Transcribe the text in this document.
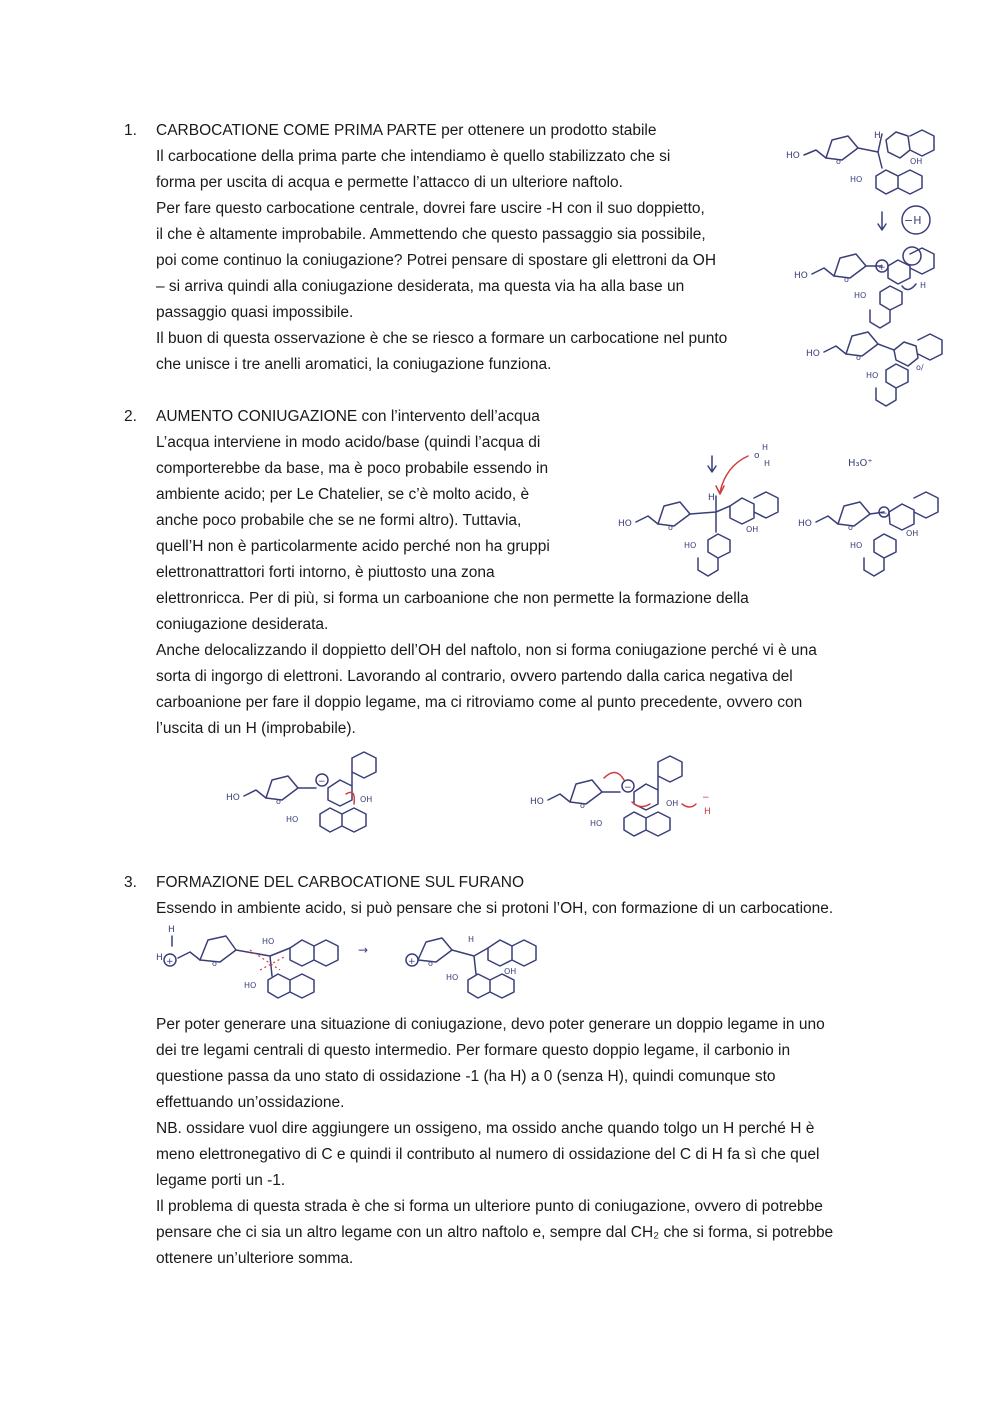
1. CARBOCATIONE COME PRIMA PARTE per ottenere un prodotto stabile
Il carbocatione della prima parte che intendiamo è quello stabilizzato che si
forma per uscita di acqua e permette l’attacco di un ulteriore naftolo.
Per fare questo carbocatione centrale, dovrei fare uscire -H con il suo doppietto,
il che è altamente improbabile. Ammettendo che questo passaggio sia possibile,
poi come continuo la coniugazione? Potrei pensare di spostare gli elettroni da OH
– si arriva quindi alla coniugazione desiderata, ma questa via ha alla base un
passaggio quasi impossibile.
Il buon di questa osservazione è che se riesco a formare un carbocatione nel punto
che unisce i tre anelli aromatici, la coniugazione funziona.
HO
o
H
OH
HO
−H
HO	o
+
H
HO
HO	o
o/
HO
2. AUMENTO CONIUGAZIONE con l’intervento dell’acqua
L’acqua interviene in modo acido/base (quindi l’acqua di
comporterebbe da base, ma è poco probabile essendo in
ambiente acido; per Le Chatelier, se c’è molto acido, è
anche poco probabile che se ne formi altro). Tuttavia,
quell’H non è particolarmente acido perché non ha gruppi
elettronattrattori forti intorno, è piuttosto una zona
elettronricca. Per di più, si forma un carboanione che non permette la formazione della
coniugazione desiderata.
Anche delocalizzando il doppietto dell’OH del naftolo, non si forma coniugazione perché vi è una
sorta di ingorgo di elettroni. Lavorando al contrario, ovvero partendo dalla carica negativa del
carboanione per fare il doppio legame, ma ci ritroviamo come al punto precedente, ovvero con
l’uscita di un H (improbabile).
o
H
H
HO	o
H
OH
HO
H₃O⁺
HO	o
−
OH
HO
HO	o
−
OH
HO
HO	o
−
OH
−
H
HO
3. FORMAZIONE DEL CARBOCATIONE SUL FURANO
Essendo in ambiente acido, si può pensare che si protoni l’OH, con formazione di un carbocatione.
H
H +	o
HO
HO
→
+ o
H
OH
HO
Per poter generare una situazione di coniugazione, devo poter generare un doppio legame in uno
dei tre legami centrali di questo intermedio. Per formare questo doppio legame, il carbonio in
questione passa da uno stato di ossidazione -1 (ha H) a 0 (senza H), quindi comunque sto
effettuando un’ossidazione.
NB. ossidare vuol dire aggiungere un ossigeno, ma ossido anche quando tolgo un H perché H è
meno elettronegativo di C e quindi il contributo al numero di ossidazione del C di H fa sì che quel
legame porti un -1.
Il problema di questa strada è che si forma un ulteriore punto di coniugazione, ovvero di potrebbe
pensare che ci sia un altro legame con un altro naftolo e, sempre dal CH₂ che si forma, si potrebbe
ottenere un’ulteriore somma.
